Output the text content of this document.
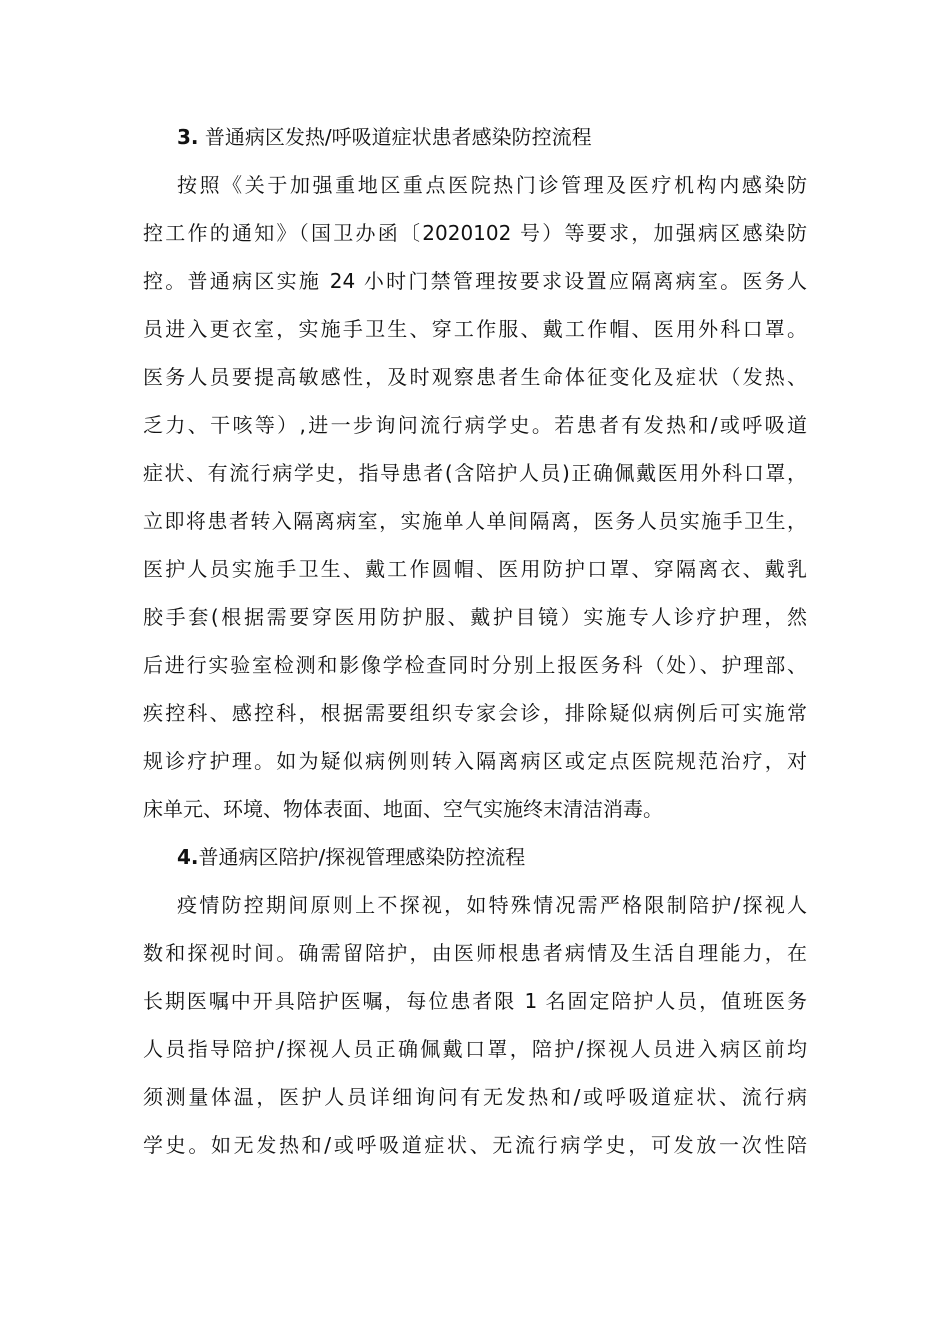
3. 普通病区发热/呼吸道症状患者感染防控流程

按照《关于加强重地区重点医院热门诊管理及医疗机构内感染防
控工作的通知》（国卫办函〔2020102 号）等要求，加强病区感染防
控。普通病区实施 24 小时门禁管理按要求设置应隔离病室。医务人
员进入更衣室，实施手卫生、穿工作服、戴工作帽、医用外科口罩。
医务人员要提高敏感性，及时观察患者生命体征变化及症状（发热、
乏力、干咳等）,进一步询问流行病学史。若患者有发热和/或呼吸道
症状、有流行病学史，指导患者(含陪护人员)正确佩戴医用外科口罩，
立即将患者转入隔离病室，实施单人单间隔离，医务人员实施手卫生，
医护人员实施手卫生、戴工作圆帽、医用防护口罩、穿隔离衣、戴乳
胶手套(根据需要穿医用防护服、戴护目镜）实施专人诊疗护理，然
后进行实验室检测和影像学检查同时分别上报医务科（处）、护理部、
疾控科、感控科，根据需要组织专家会诊，排除疑似病例后可实施常
规诊疗护理。如为疑似病例则转入隔离病区或定点医院规范治疗，对
床单元、环境、物体表面、地面、空气实施终末清洁消毒。

4.普通病区陪护/探视管理感染防控流程

疫情防控期间原则上不探视，如特殊情况需严格限制陪护/探视人
数和探视时间。确需留陪护，由医师根患者病情及生活自理能力，在
长期医嘱中开具陪护医嘱，每位患者限 1 名固定陪护人员，值班医务
人员指导陪护/探视人员正确佩戴口罩，陪护/探视人员进入病区前均
须测量体温，医护人员详细询问有无发热和/或呼吸道症状、流行病
学史。如无发热和/或呼吸道症状、无流行病学史，可发放一次性陪
